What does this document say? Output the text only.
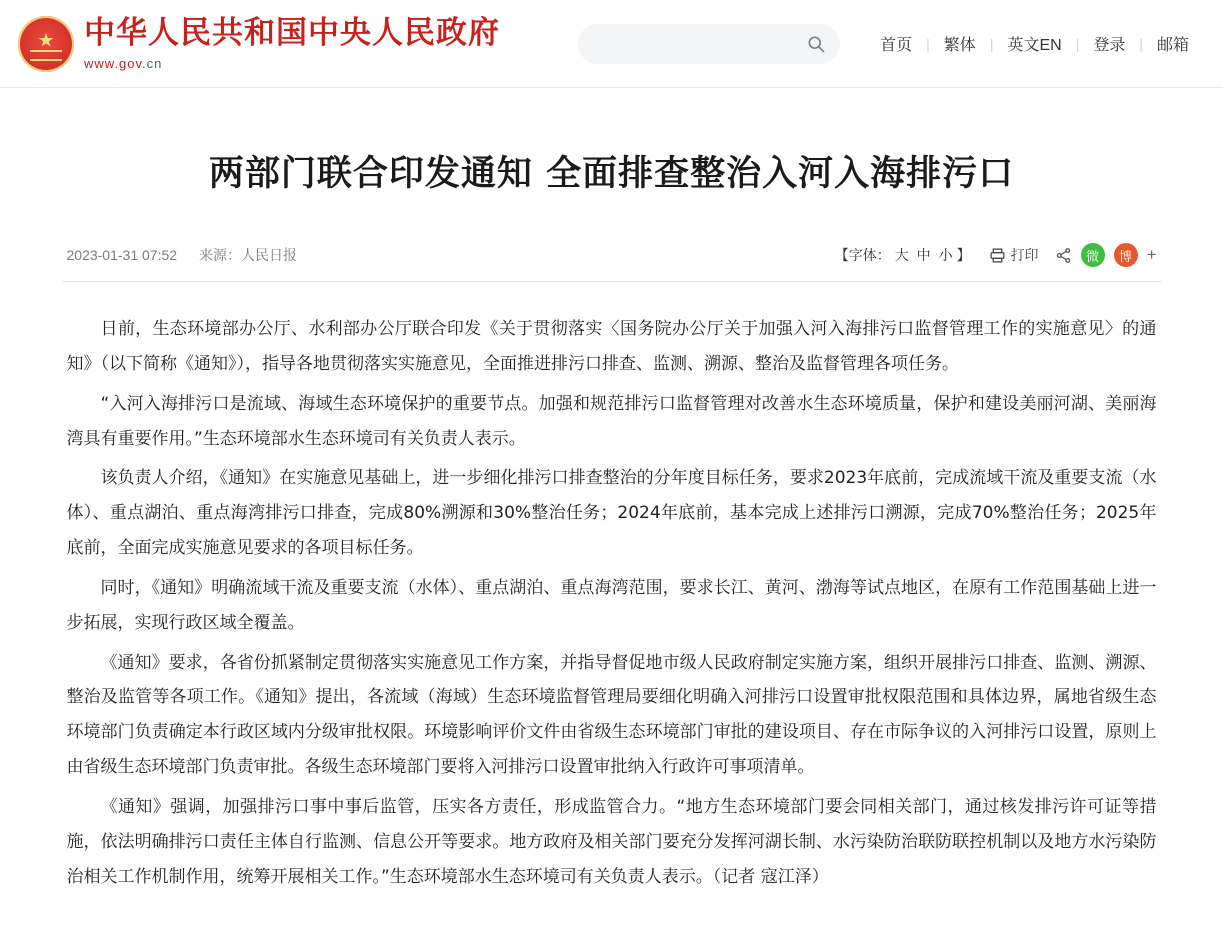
★
中华人民共和国中央人民政府
www.gov.cn
首页	| 繁体	| 英文EN	| 登录	| 邮箱
两部门联合印发通知 全面排查整治入河入海排污口
2023-01-31 07:52 来源：人民日报	【字体： 大 中 小 】	打印	微	博 +

日前，生态环境部办公厅、水利部办公厅联合印发《关于贯彻落实〈国务院办公厅关于加强入河入海排污口监督管理工作的实施意见〉的通知》（以下简称《通知》），指导各地贯彻落实实施意见，全面推进排污口排查、监测、溯源、整治及监督管理各项任务。

“入河入海排污口是流域、海域生态环境保护的重要节点。加强和规范排污口监督管理对改善水生态环境质量，保护和建设美丽河湖、美丽海湾具有重要作用。”生态环境部水生态环境司有关负责人表示。

该负责人介绍，《通知》在实施意见基础上，进一步细化排污口排查整治的分年度目标任务，要求2023年底前，完成流域干流及重要支流（水体）、重点湖泊、重点海湾排污口排查，完成80%溯源和30%整治任务；2024年底前，基本完成上述排污口溯源，完成70%整治任务；2025年底前，全面完成实施意见要求的各项目标任务。

同时，《通知》明确流域干流及重要支流（水体）、重点湖泊、重点海湾范围，要求长江、黄河、渤海等试点地区，在原有工作范围基础上进一步拓展，实现行政区域全覆盖。

《通知》要求，各省份抓紧制定贯彻落实实施意见工作方案，并指导督促地市级人民政府制定实施方案，组织开展排污口排查、监测、溯源、整治及监管等各项工作。《通知》提出，各流域（海域）生态环境监督管理局要细化明确入河排污口设置审批权限范围和具体边界，属地省级生态环境部门负责确定本行政区域内分级审批权限。环境影响评价文件由省级生态环境部门审批的建设项目、存在市际争议的入河排污口设置，原则上由省级生态环境部门负责审批。各级生态环境部门要将入河排污口设置审批纳入行政许可事项清单。

《通知》强调，加强排污口事中事后监管，压实各方责任，形成监管合力。“地方生态环境部门要会同相关部门，通过核发排污许可证等措施，依法明确排污口责任主体自行监测、信息公开等要求。地方政府及相关部门要充分发挥河湖长制、水污染防治联防联控机制以及地方水污染防治相关工作机制作用，统筹开展相关工作。”生态环境部水生态环境司有关负责人表示。（记者 寇江泽）
